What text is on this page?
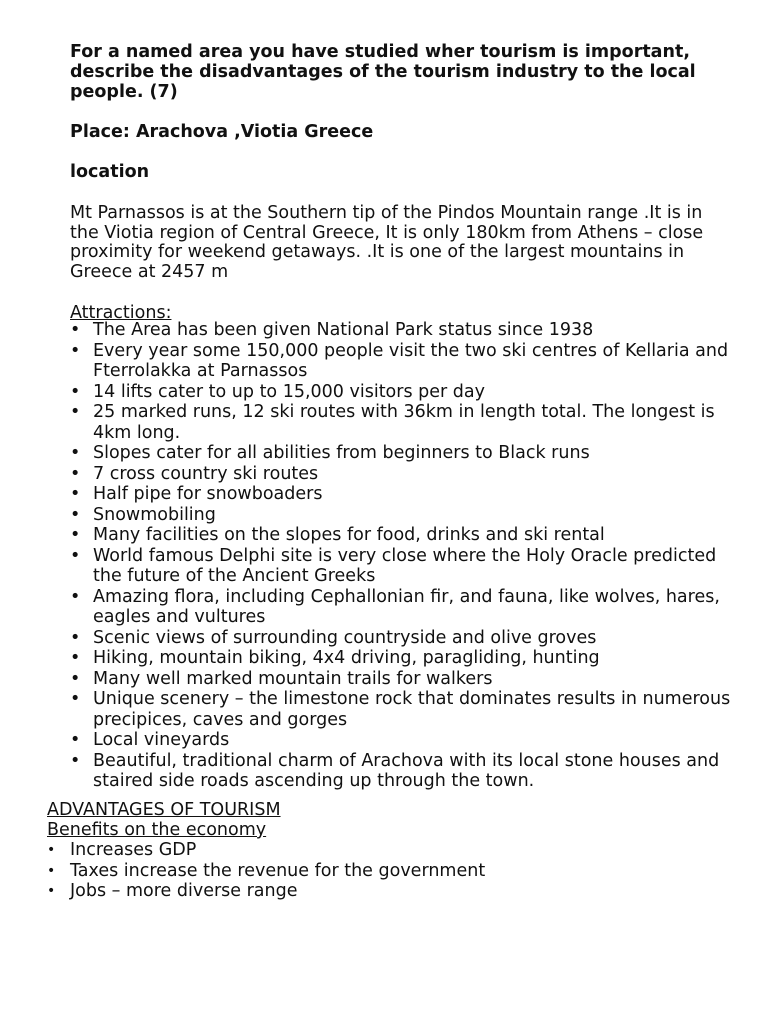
For a named area you have studied wher tourism is important, describe the disadvantages of the tourism industry to the local people. (7)
Place: Arachova ,Viotia Greece
location
Mt Parnassos is at the Southern tip of the Pindos Mountain range .It is in the Viotia region of Central Greece, It is only 180km from Athens – close proximity for weekend getaways. .It is one of the largest mountains in Greece at 2457 m
Attractions:
• The Area has been given National Park status since 1938
• Every year some 150,000 people visit the two ski centres of Kellaria and Fterrolakka at Parnassos
• 14 lifts cater to up to 15,000 visitors per day
• 25 marked runs, 12 ski routes with 36km in length total. The longest is 4km long.
• Slopes cater for all abilities from beginners to Black runs
• 7 cross country ski routes
• Half pipe for snowboaders
• Snowmobiling
• Many facilities on the slopes for food, drinks and ski rental
• World famous Delphi site is very close where the Holy Oracle predicted the future of the Ancient Greeks
• Amazing flora, including Cephallonian fir, and fauna, like wolves, hares, eagles and vultures
• Scenic views of surrounding countryside and olive groves
• Hiking, mountain biking, 4x4 driving, paragliding, hunting
• Many well marked mountain trails for walkers
• Unique scenery – the limestone rock that dominates results in numerous precipices, caves and gorges
• Local vineyards
• Beautiful, traditional charm of Arachova with its local stone houses and staired side roads ascending up through the town.
ADVANTAGES OF TOURISM
Benefits on the economy
• Increases GDP
• Taxes increase the revenue for the government
• Jobs – more diverse range
